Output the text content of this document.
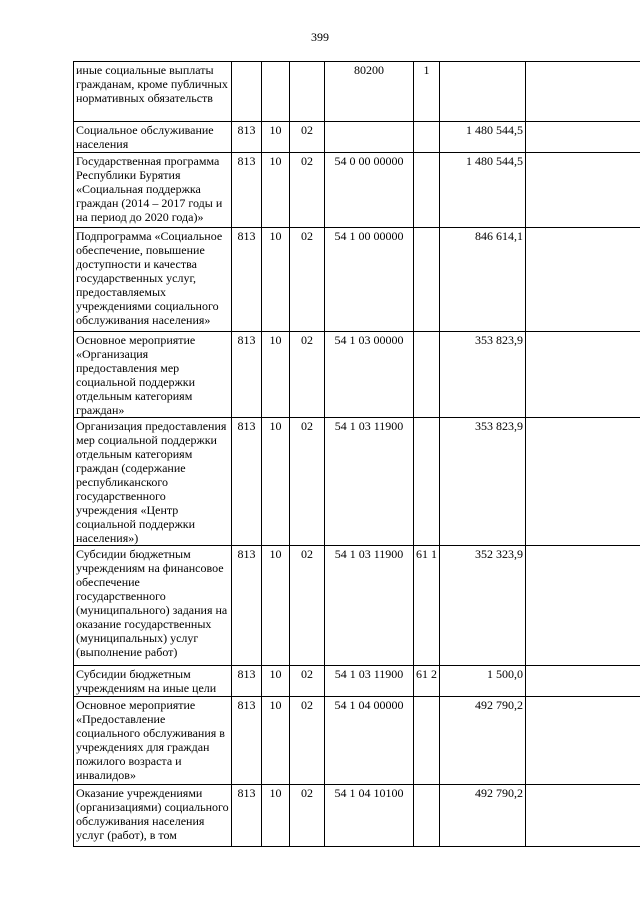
399
иные социальные выплаты гражданам, кроме публичных нормативных обязательств				80200	1		
Социальное обслуживание населения	813	10	02			1 480 544,5	
Государственная программа Республики Бурятия «Социальная поддержка граждан (2014 – 2017 годы и на период до 2020 года)»	813	10	02	54 0 00 00000		1 480 544,5	
Подпрограмма «Социальное обеспечение, повышение доступности и качества государственных услуг, предоставляемых учреждениями социального обслуживания населения»	813	10	02	54 1 00 00000		846 614,1	
Основное мероприятие «Организация предоставления мер социальной поддержки отдельным категориям граждан»	813	10	02	54 1 03 00000		353 823,9	
Организация предоставления мер социальной поддержки отдельным категориям граждан (содержание республиканского государственного учреждения «Центр социальной поддержки населения»)	813	10	02	54 1 03 11900		353 823,9	
Субсидии бюджетным учреждениям на финансовое обеспечение государственного (муниципального) задания на оказание государственных (муниципальных) услуг (выполнение работ)	813	10	02	54 1 03 11900	61 1	352 323,9	
Субсидии бюджетным учреждениям на иные цели	813	10	02	54 1 03 11900	61 2	1 500,0	
Основное мероприятие «Предоставление социального обслуживания в учреждениях для граждан пожилого возраста и инвалидов»	813	10	02	54 1 04 00000		492 790,2	
Оказание учреждениями (организациями) социального обслуживания населения услуг (работ), в том	813	10	02	54 1 04 10100		492 790,2	
